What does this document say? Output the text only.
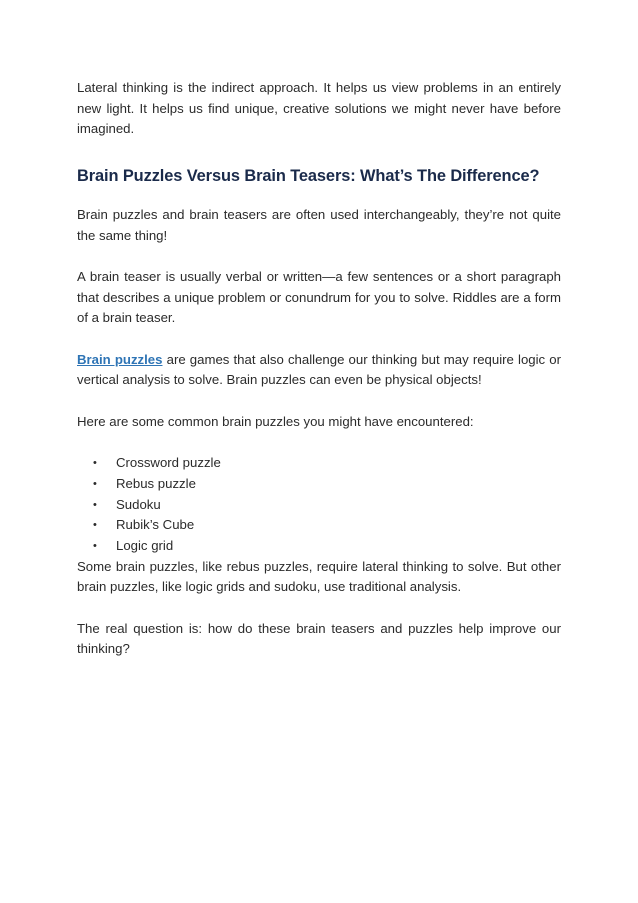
Lateral thinking is the indirect approach. It helps us view problems in an entirely new light. It helps us find unique, creative solutions we might never have before imagined.

Brain Puzzles Versus Brain Teasers: What’s The Difference?

Brain puzzles and brain teasers are often used interchangeably, they’re not quite the same thing!

A brain teaser is usually verbal or written—a few sentences or a short paragraph that describes a unique problem or conundrum for you to solve. Riddles are a form of a brain teaser.

Brain puzzles are games that also challenge our thinking but may require logic or vertical analysis to solve. Brain puzzles can even be physical objects!

Here are some common brain puzzles you might have encountered:

• Crossword puzzle
• Rebus puzzle
• Sudoku
• Rubik’s Cube
• Logic grid

Some brain puzzles, like rebus puzzles, require lateral thinking to solve. But other brain puzzles, like logic grids and sudoku, use traditional analysis.

The real question is: how do these brain teasers and puzzles help improve our thinking?
